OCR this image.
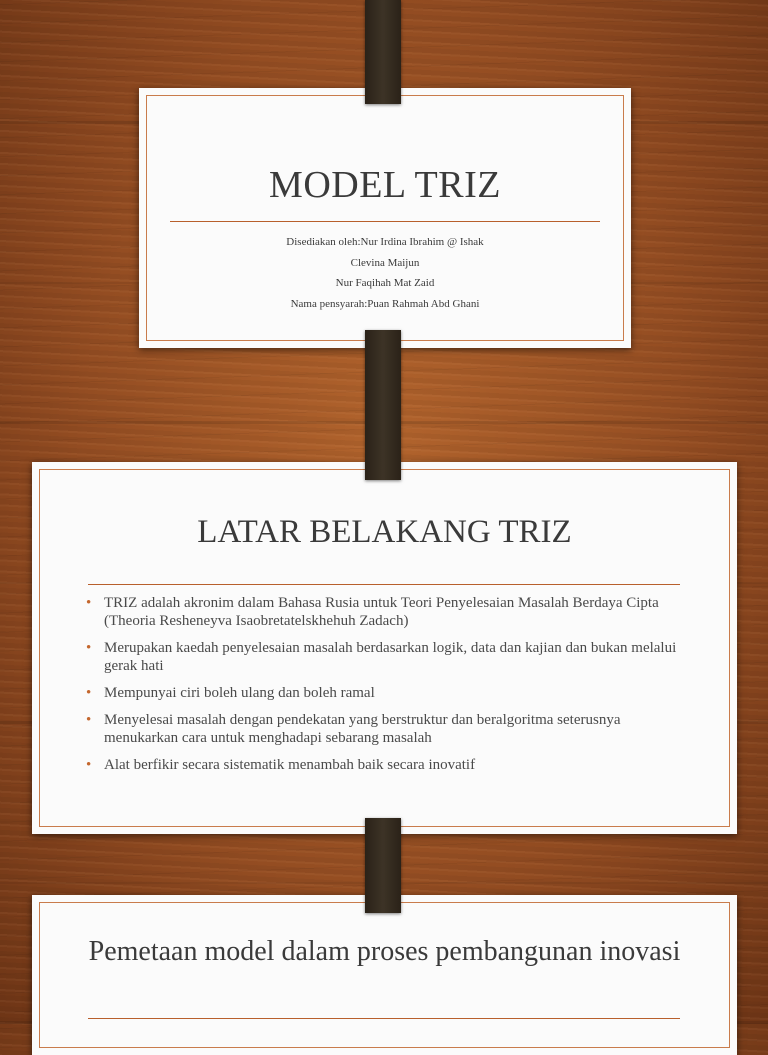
MODEL TRIZ
Disediakan oleh:Nur Irdina Ibrahim @ Ishak
Clevina Maijun
Nur Faqihah Mat Zaid
Nama pensyarah:Puan Rahmah Abd Ghani
LATAR BELAKANG TRIZ
• TRIZ adalah akronim dalam Bahasa Rusia untuk Teori Penyelesaian Masalah Berdaya Cipta (Theoria Resheneyva Isaobretatelskhehuh Zadach)
• Merupakan kaedah penyelesaian masalah berdasarkan logik, data dan kajian dan bukan melalui gerak hati
• Mempunyai ciri boleh ulang dan boleh ramal
• Menyelesai masalah dengan pendekatan yang berstruktur dan beralgoritma seterusnya menukarkan cara untuk menghadapi sebarang masalah
• Alat berfikir secara sistematik menambah baik secara inovatif
Pemetaan model dalam proses pembangunan inovasi
